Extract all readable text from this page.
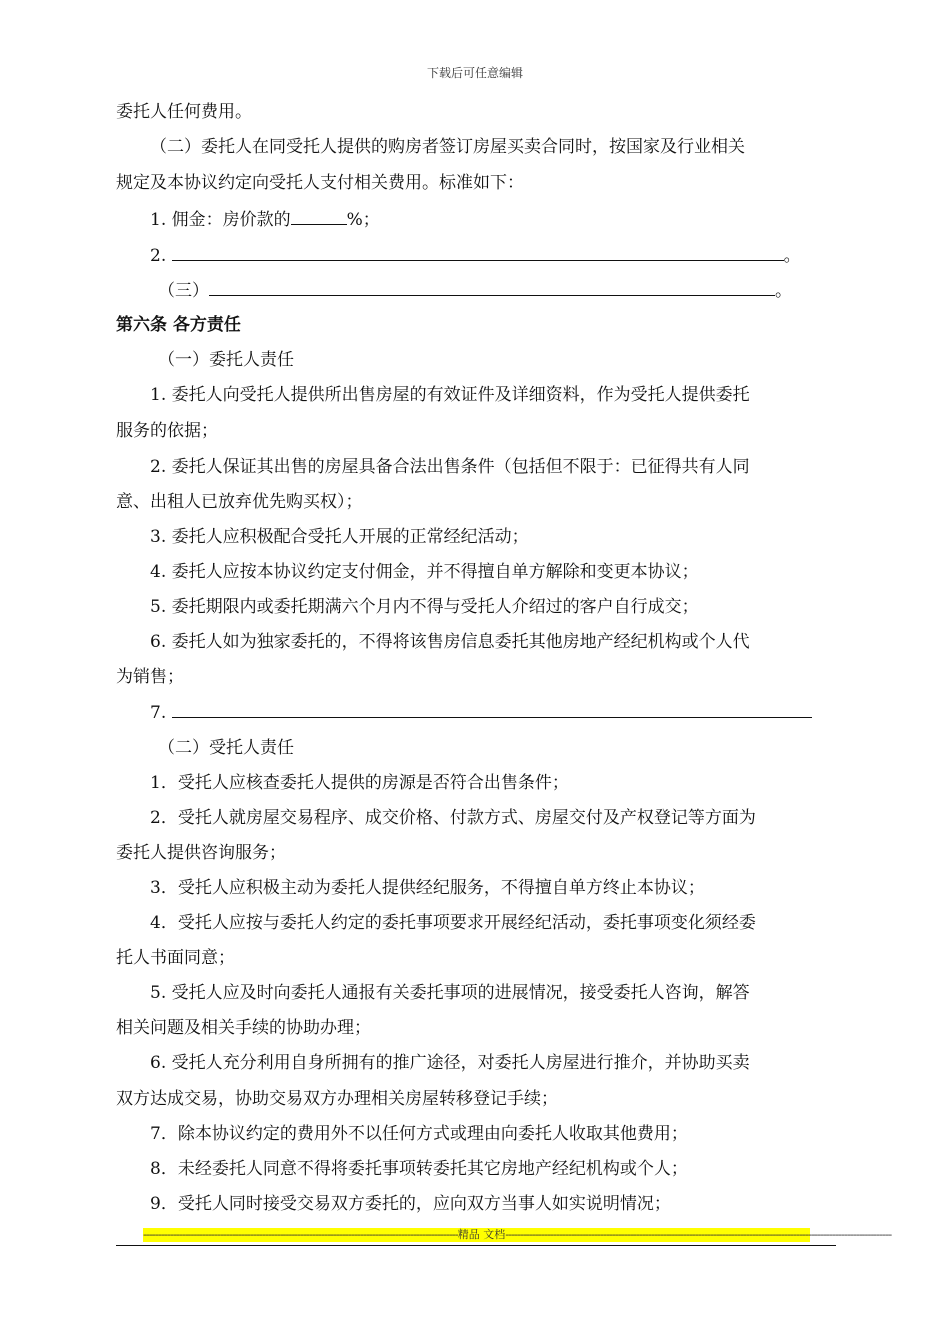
下载后可任意编辑
委托人任何费用。
（二）委托人在同受托人提供的购房者签订房屋买卖合同时，按国家及行业相关
规定及本协议约定向受托人支付相关费用。标准如下：
1. 佣金：房价款的	%；
2.	。
（三）	。
第六条 各方责任
（一）委托人责任
1. 委托人向受托人提供所出售房屋的有效证件及详细资料，作为受托人提供委托
服务的依据；
2. 委托人保证其出售的房屋具备合法出售条件（包括但不限于：已征得共有人同
意、出租人已放弃优先购买权）；
3. 委托人应积极配合受托人开展的正常经纪活动；
4. 委托人应按本协议约定支付佣金，并不得擅自单方解除和变更本协议；
5. 委托期限内或委托期满六个月内不得与受托人介绍过的客户自行成交；
6. 委托人如为独家委托的，不得将该售房信息委托其他房地产经纪机构或个人代
为销售；
7.
（二）受托人责任
1．受托人应核查委托人提供的房源是否符合出售条件；
2．受托人就房屋交易程序、成交价格、付款方式、房屋交付及产权登记等方面为
委托人提供咨询服务；
3．受托人应积极主动为委托人提供经纪服务，不得擅自单方终止本协议；
4．受托人应按与委托人约定的委托事项要求开展经纪活动，委托事项变化须经委
托人书面同意；
5. 受托人应及时向委托人通报有关委托事项的进展情况，接受委托人咨询，解答
相关问题及相关手续的协助办理；
6. 受托人充分利用自身所拥有的推广途径，对委托人房屋进行推介，并协助买卖
双方达成交易，协助交易双方办理相关房屋转移登记手续；
7．除本协议约定的费用外不以任何方式或理由向委托人收取其他费用；
8．未经委托人同意不得将委托事项转委托其它房地产经纪机构或个人；
9．受托人同时接受交易双方委托的，应向双方当事人如实说明情况；
---------------------------------------------------------------------------------------------------------- 精品 文档 ----------------------------------------------------------------------------------------------------------------------------------
